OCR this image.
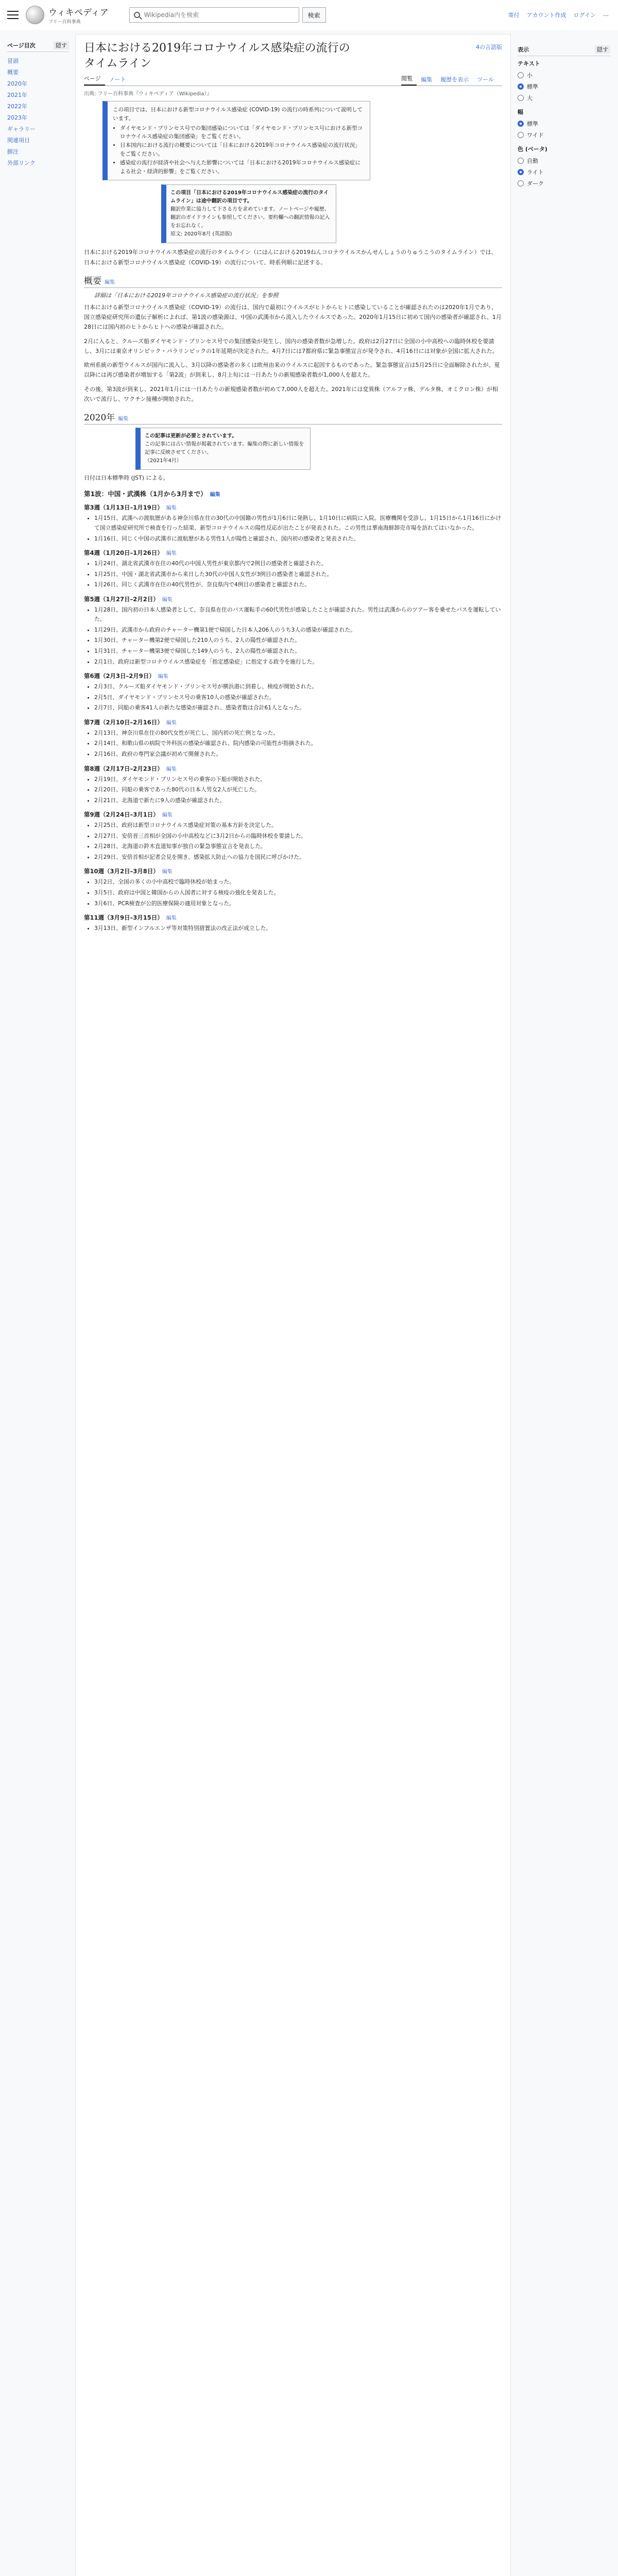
ウィキペディア
フリー百科事典
Wikipedia内を検索
検索	寄付 アカウント作成 ログイン …
ページ目次	隠す
冒頭
概要
2020年
2021年
2022年
2023年
ギャラリー
関連項目
脚注
外部リンク
表示	隠す
テキスト
小
標準
大
幅
標準
ワイド
色 (ベータ)
自動
ライト
ダーク
日本における2019年コロナウイルス感染症の流行のタイムライン
4の言語版
ページ	ノート	閲覧	編集	履歴を表示	ツール
出典: フリー百科事典『ウィキペディア（Wikipedia）』
この項目では、日本における新型コロナウイルス感染症 (COVID-19) の流行の時系列について説明しています。
• ダイヤモンド・プリンセス号での集団感染については「ダイヤモンド・プリンセス号における新型コロナウイルス感染症の集団感染」をご覧ください。
• 日本国内における流行の概要については「日本における2019年コロナウイルス感染症の流行状況」をご覧ください。
• 感染症の流行が経済や社会へ与えた影響については「日本における2019年コロナウイルス感染症による社会・経済的影響」をご覧ください。
この項目「日本における2019年コロナウイルス感染症の流行のタイムライン」は途中翻訳の項目です。
翻訳作業に協力して下さる方を求めています。ノートページや履歴、翻訳のガイドラインも参照してください。要約欄への翻訳情報の記入をお忘れなく。
原文: 2020年8月 (英語版)
日本における2019年コロナウイルス感染症の流行のタイムライン（にほんにおける2019ねんコロナウイルスかんせんしょうのりゅうこうのタイムライン）では、日本における新型コロナウイルス感染症（COVID-19）の流行について、時系列順に記述する。
概要 編集
詳細は「日本における2019年コロナウイルス感染症の流行状況」を参照

日本における新型コロナウイルス感染症（COVID-19）の流行は、国内で最初にウイルスがヒトからヒトに感染していることが確認されたのは2020年1月であり、国立感染症研究所の遺伝子解析によれば、第1波の感染源は、中国の武漢市から流入したウイルスであった。2020年1月15日に初めて国内の感染者が確認され、1月28日には国内初のヒトからヒトへの感染が確認された。

2月に入ると、クルーズ船ダイヤモンド・プリンセス号での集団感染が発生し、国内の感染者数が急増した。政府は2月27日に全国の小中高校への臨時休校を要請し、3月には東京オリンピック・パラリンピックの1年延期が決定された。4月7日には7都府県に緊急事態宣言が発令され、4月16日には対象が全国に拡大された。

欧州系統の新型ウイルスが国内に流入し、3月以降の感染者の多くは欧州由来のウイルスに起因するものであった。緊急事態宣言は5月25日に全面解除されたが、夏以降には再び感染者が増加する「第2波」が到来し、8月上旬には一日あたりの新規感染者数が1,000人を超えた。

その後、第3波が到来し、2021年1月には一日あたりの新規感染者数が初めて7,000人を超えた。2021年には変異株（アルファ株、デルタ株、オミクロン株）が相次いで流行し、ワクチン接種が開始された。

2020年 編集
この記事は更新が必要とされています。
この記事には古い情報が掲載されています。編集の際に新しい情報を記事に反映させてください。
（2021年4月）

日付は日本標準時 (JST) による。

第1波：中国・武漢株（1月から3月まで） 編集
第3週（1月13日–1月19日） 編集
• 1月15日、武漢への渡航歴がある神奈川県在住の30代の中国籍の男性が1月6日に発熱し、1月10日に病院に入院。医療機関を受診し、1月15日から1月16日にかけて国立感染症研究所で検査を行った結果、新型コロナウイルスの陽性反応が出たことが発表された。この男性は華南海鮮卸売市場を訪れてはいなかった。
• 1月16日、同じく中国の武漢市に渡航歴がある男性1人が陽性と確認され、国内初の感染者と発表された。
第4週（1月20日–1月26日） 編集
• 1月24日、湖北省武漢市在住の40代の中国人男性が東京都内で2例目の感染者と確認された。
• 1月25日、中国・湖北省武漢市から来日した30代の中国人女性が3例目の感染者と確認された。
• 1月26日、同じく武漢市在住の40代男性が、奈良県内で4例目の感染者と確認された。
第5週（1月27日–2月2日） 編集
• 1月28日、国内初の日本人感染者として、奈良県在住のバス運転手の60代男性が感染したことが確認された。男性は武漢からのツアー客を乗せたバスを運転していた。
• 1月29日、武漢市から政府のチャーター機第1便で帰国した日本人206人のうち3人の感染が確認された。
• 1月30日、チャーター機第2便で帰国した210人のうち、2人の陽性が確認された。
• 1月31日、チャーター機第3便で帰国した149人のうち、2人の陽性が確認された。
• 2月1日、政府は新型コロナウイルス感染症を「指定感染症」に指定する政令を施行した。
第6週（2月3日–2月9日） 編集
• 2月3日、クルーズ船ダイヤモンド・プリンセス号が横浜港に到着し、検疫が開始された。
• 2月5日、ダイヤモンド・プリンセス号の乗客10人の感染が確認された。
• 2月7日、同船の乗客41人の新たな感染が確認され、感染者数は合計61人となった。
第7週（2月10日–2月16日） 編集
• 2月13日、神奈川県在住の80代女性が死亡し、国内初の死亡例となった。
• 2月14日、和歌山県の病院で外科医の感染が確認され、院内感染の可能性が指摘された。
• 2月16日、政府の専門家会議が初めて開催された。
第8週（2月17日–2月23日） 編集
• 2月19日、ダイヤモンド・プリンセス号の乗客の下船が開始された。
• 2月20日、同船の乗客であった80代の日本人男女2人が死亡した。
• 2月21日、北海道で新たに9人の感染が確認された。
第9週（2月24日–3月1日） 編集
• 2月25日、政府は新型コロナウイルス感染症対策の基本方針を決定した。
• 2月27日、安倍晋三首相が全国の小中高校などに3月2日からの臨時休校を要請した。
• 2月28日、北海道の鈴木直道知事が独自の緊急事態宣言を発表した。
• 2月29日、安倍首相が記者会見を開き、感染拡大防止への協力を国民に呼びかけた。
第10週（3月2日–3月8日） 編集
• 3月2日、全国の多くの小中高校で臨時休校が始まった。
• 3月5日、政府は中国と韓国からの入国者に対する検疫の強化を発表した。
• 3月6日、PCR検査が公的医療保険の適用対象となった。
第11週（3月9日–3月15日） 編集
• 3月13日、新型インフルエンザ等対策特別措置法の改正法が成立した。
